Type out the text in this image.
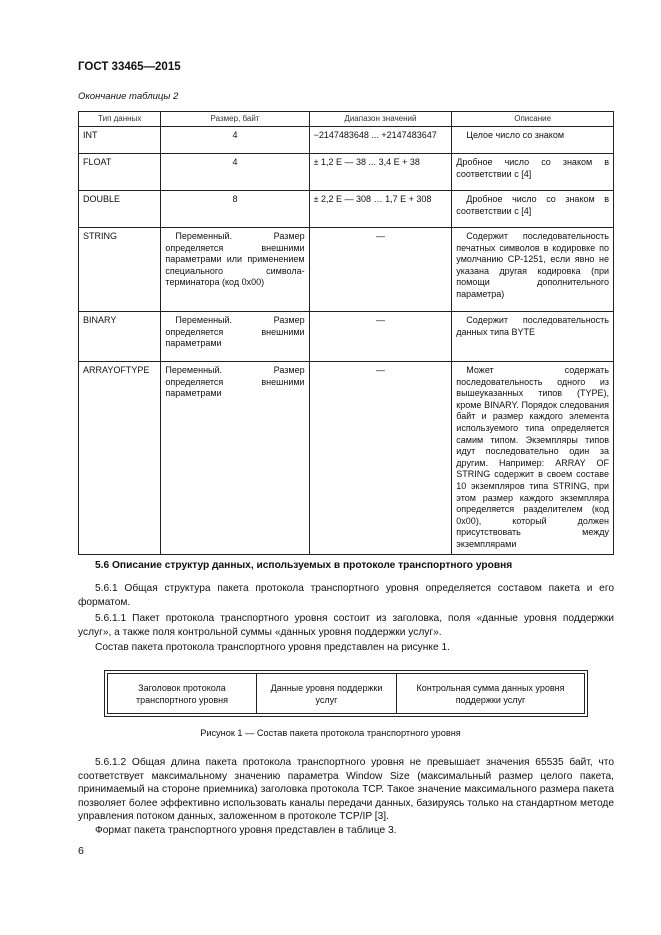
ГОСТ 33465—2015
Окончание таблицы 2
Тип данных	Размер, байт	Диапазон значений	Описание
INT	4	−2147483648 ... +2147483647	Целое число со знаком
FLOAT	4	± 1,2 E — 38 ... 3,4 E + 38	Дробное число со знаком в соответствии с [4]
DOUBLE	8	± 2,2 E — 308 … 1,7 E + 308	Дробное число со знаком в соответствии с [4]
STRING	Переменный. Размер определяется внешними параметрами или применением специального символа-терминатора (код 0x00)	—	Содержит последовательность печатных символов в кодировке по умолчанию CP-1251, если явно не указана другая кодировка (при помощи дополнительного параметра)
BINARY	Переменный. Размер определяется внешними параметрами	—	Содержит последовательность данных типа BYTE
ARRAYOFTYPE	Переменный. Размер определяется внешними параметрами	—	Может содержать последовательность одного из вышеуказанных типов (TYPE), кроме BINARY. Порядок следования байт и размер каждого элемента используемого типа определяется самим типом. Экземпляры типов идут последовательно один за другим. Например: ARRAY OF STRING содержит в своем составе 10 экземпляров типа STRING, при этом размер каждого экземпляра определяется разделителем (код 0x00), который должен присутствовать между экземплярами
5.6 Описание структур данных, используемых в протоколе транспортного уровня
5.6.1 Общая структура пакета протокола транспортного уровня определяется составом пакета и его форматом.
5.6.1.1 Пакет протокола транспортного уровня состоит из заголовка, поля «данные уровня поддержки услуг», а также поля контрольной суммы «данных уровня поддержки услуг».
Состав пакета протокола транспортного уровня представлен на рисунке 1.
Заголовок протокола транспортного уровня
Данные уровня поддержки услуг
Контрольная сумма данных уровня поддержки услуг
Рисунок 1 — Состав пакета протокола транспортного уровня
5.6.1.2 Общая длина пакета протокола транспортного уровня не превышает значения 65535 байт, что соответствует максимальному значению параметра Window Size (максимальный размер целого пакета, принимаемый на стороне приемника) заголовка протокола TCP. Такое значение максимального размера пакета позволяет более эффективно использовать каналы передачи данных, базируясь только на стандартном методе управления потоком данных, заложенном в протоколе TCP/IP [3].
Формат пакета транспортного уровня представлен в таблице 3.
6
